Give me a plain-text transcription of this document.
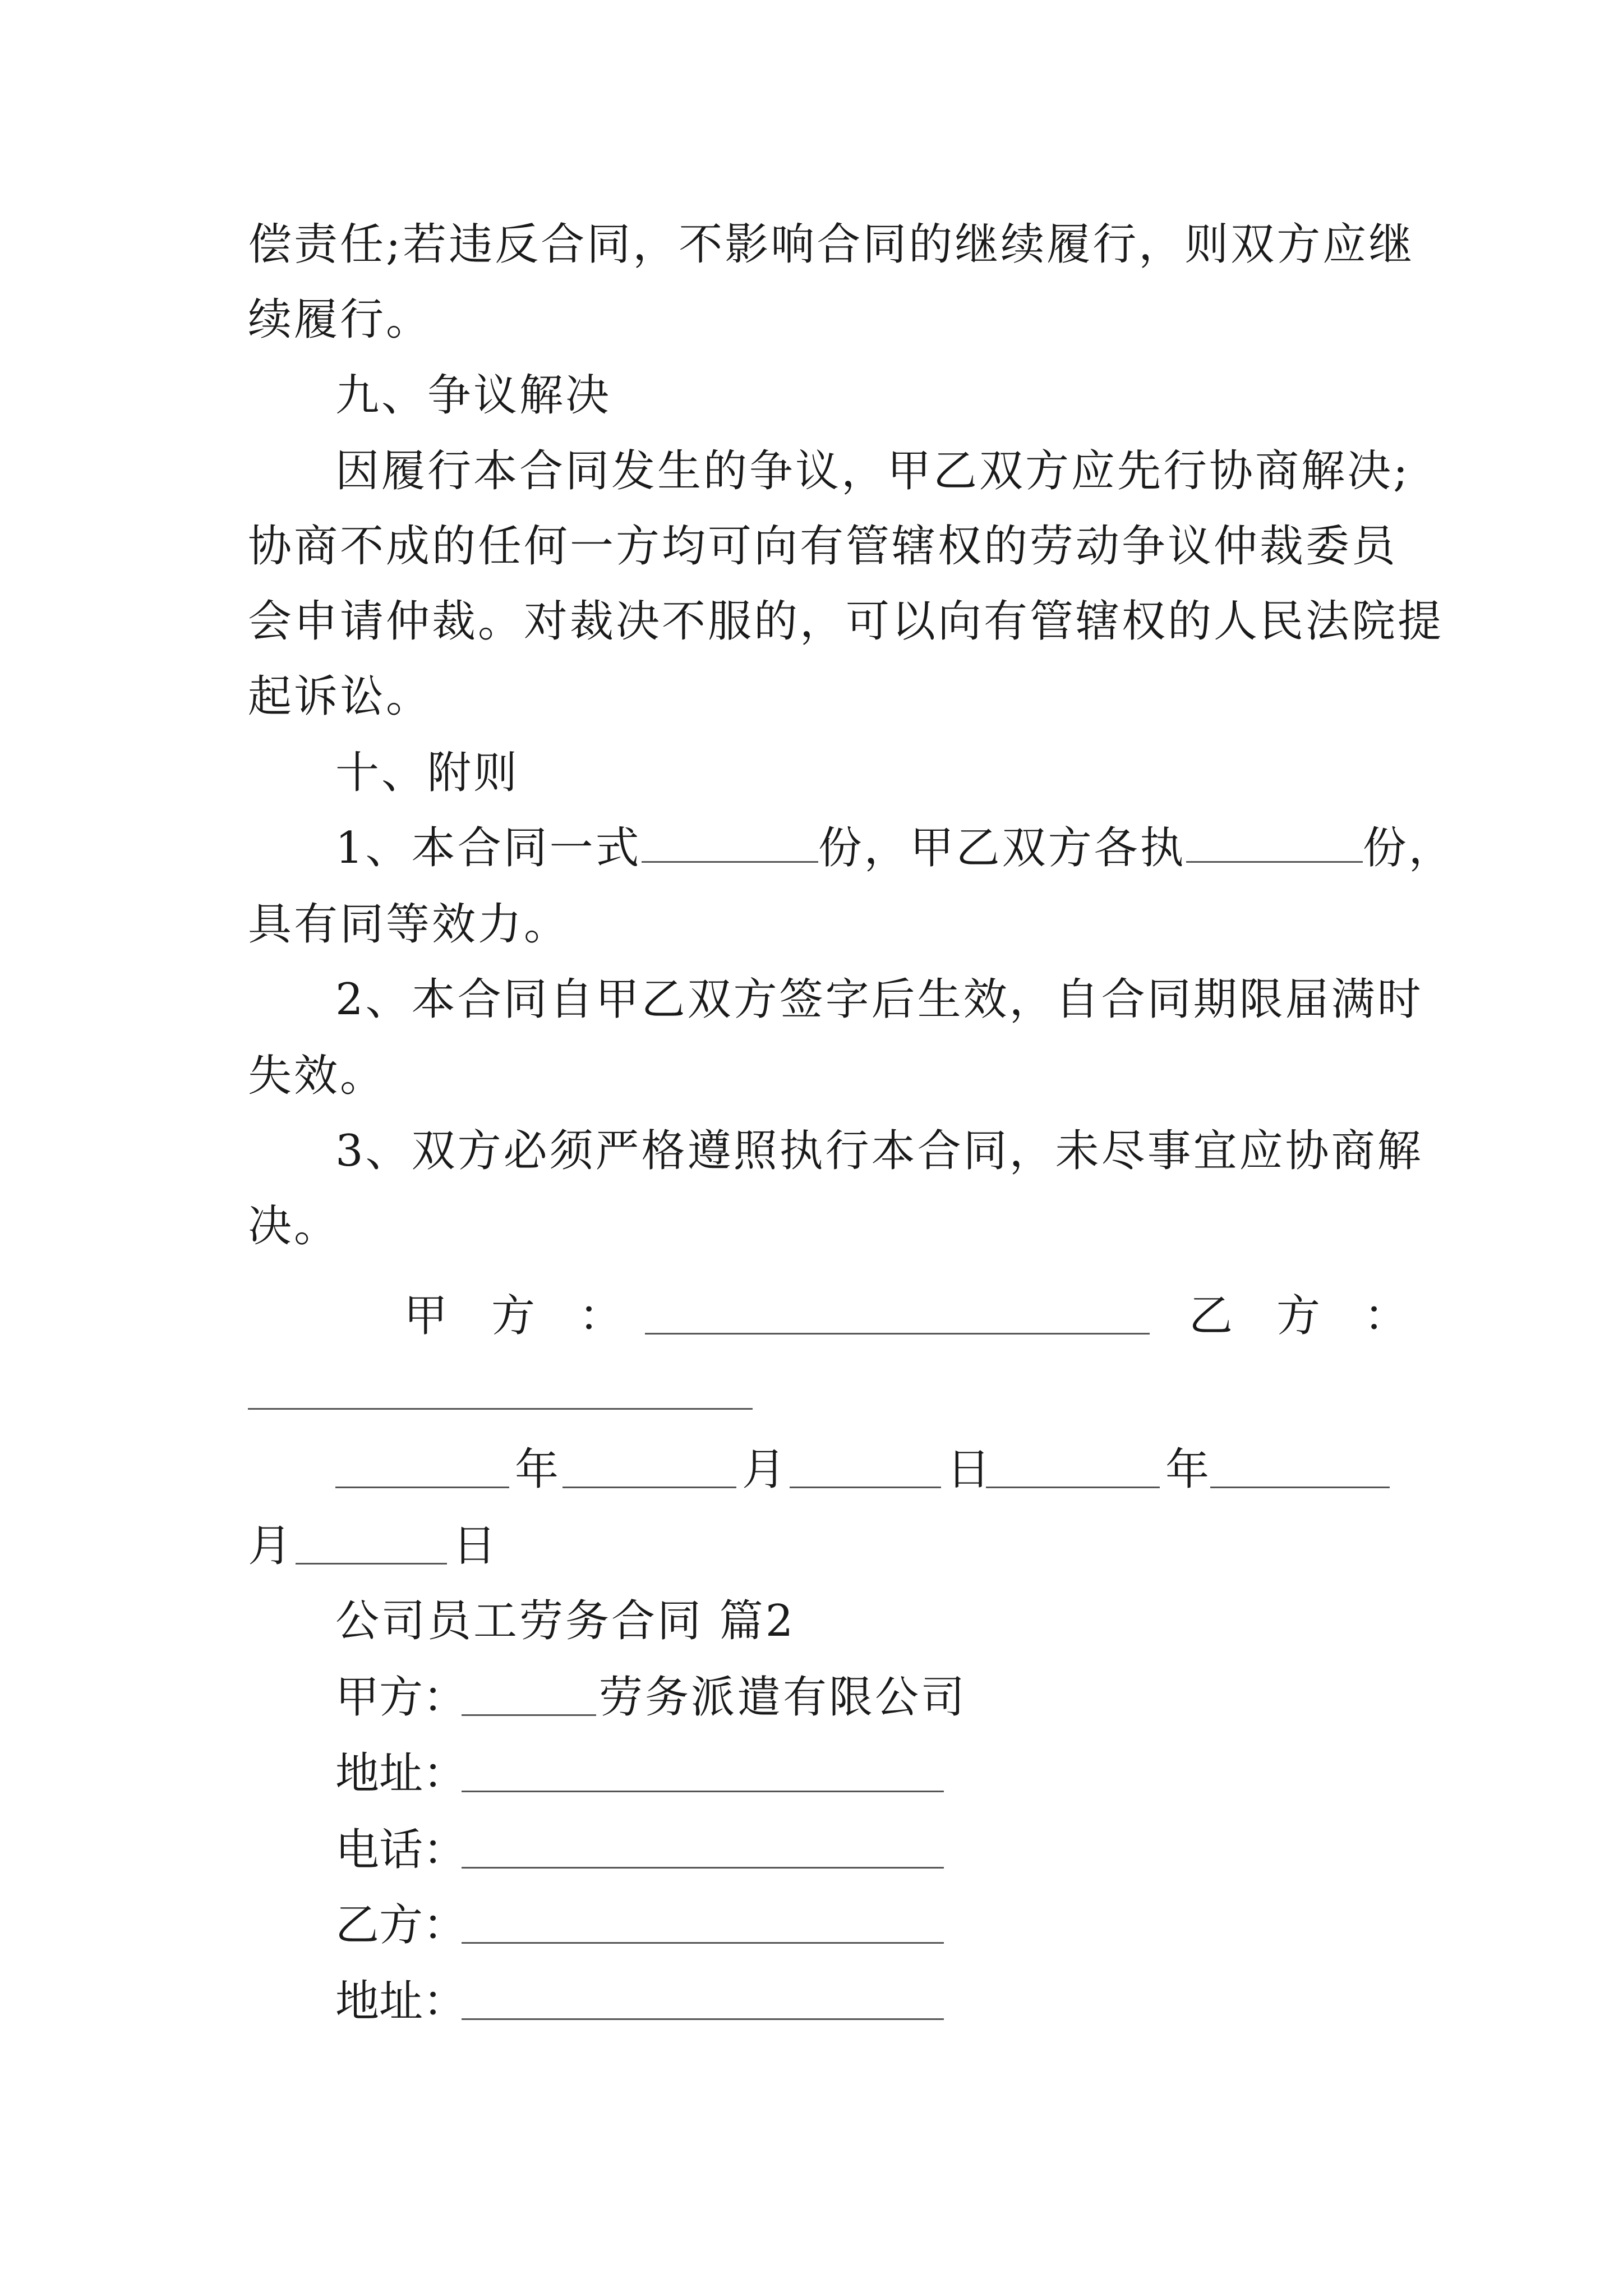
偿责任;若违反合同，不影响合同的继续履行，则双方应继
续履行。
九、争议解决
因履行本合同发生的争议，甲乙双方应先行协商解决;
协商不成的任何一方均可向有管辖权的劳动争议仲裁委员
会申请仲裁。对裁决不服的，可以向有管辖权的人民法院提
起诉讼。
十、附则
1、本合同一式	份，甲乙双方各执	份，
具有同等效力。
2、本合同自甲乙双方签字后生效，自合同期限届满时
失效。
3、双方必须严格遵照执行本合同，未尽事宜应协商解
决。
甲　方　：	乙　方　：
年	月	日	年
月	日
公司员工劳务合同 篇2
甲方：	劳务派遣有限公司
地址：
电话：
乙方：
地址：
